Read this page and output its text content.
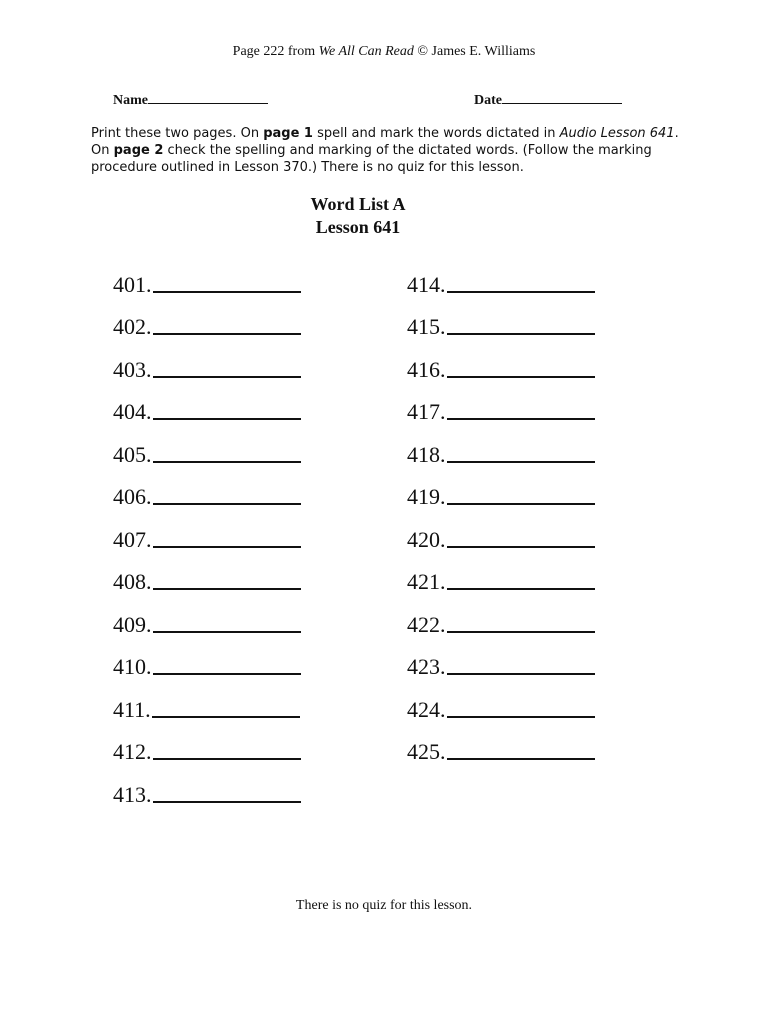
Page 222 from We All Can Read © James E. Williams
Name	Date
Print these two pages. On page 1 spell and mark the words dictated in Audio Lesson 641. On page 2 check the spelling and marking of the dictated words. (Follow the marking procedure outlined in Lesson 370.) There is no quiz for this lesson.
Word List A
Lesson 641
401.
402.
403.
404.
405.
406.
407.
408.
409.
410.
411.
412.
413.
414.
415.
416.
417.
418.
419.
420.
421.
422.
423.
424.
425.
There is no quiz for this lesson.
